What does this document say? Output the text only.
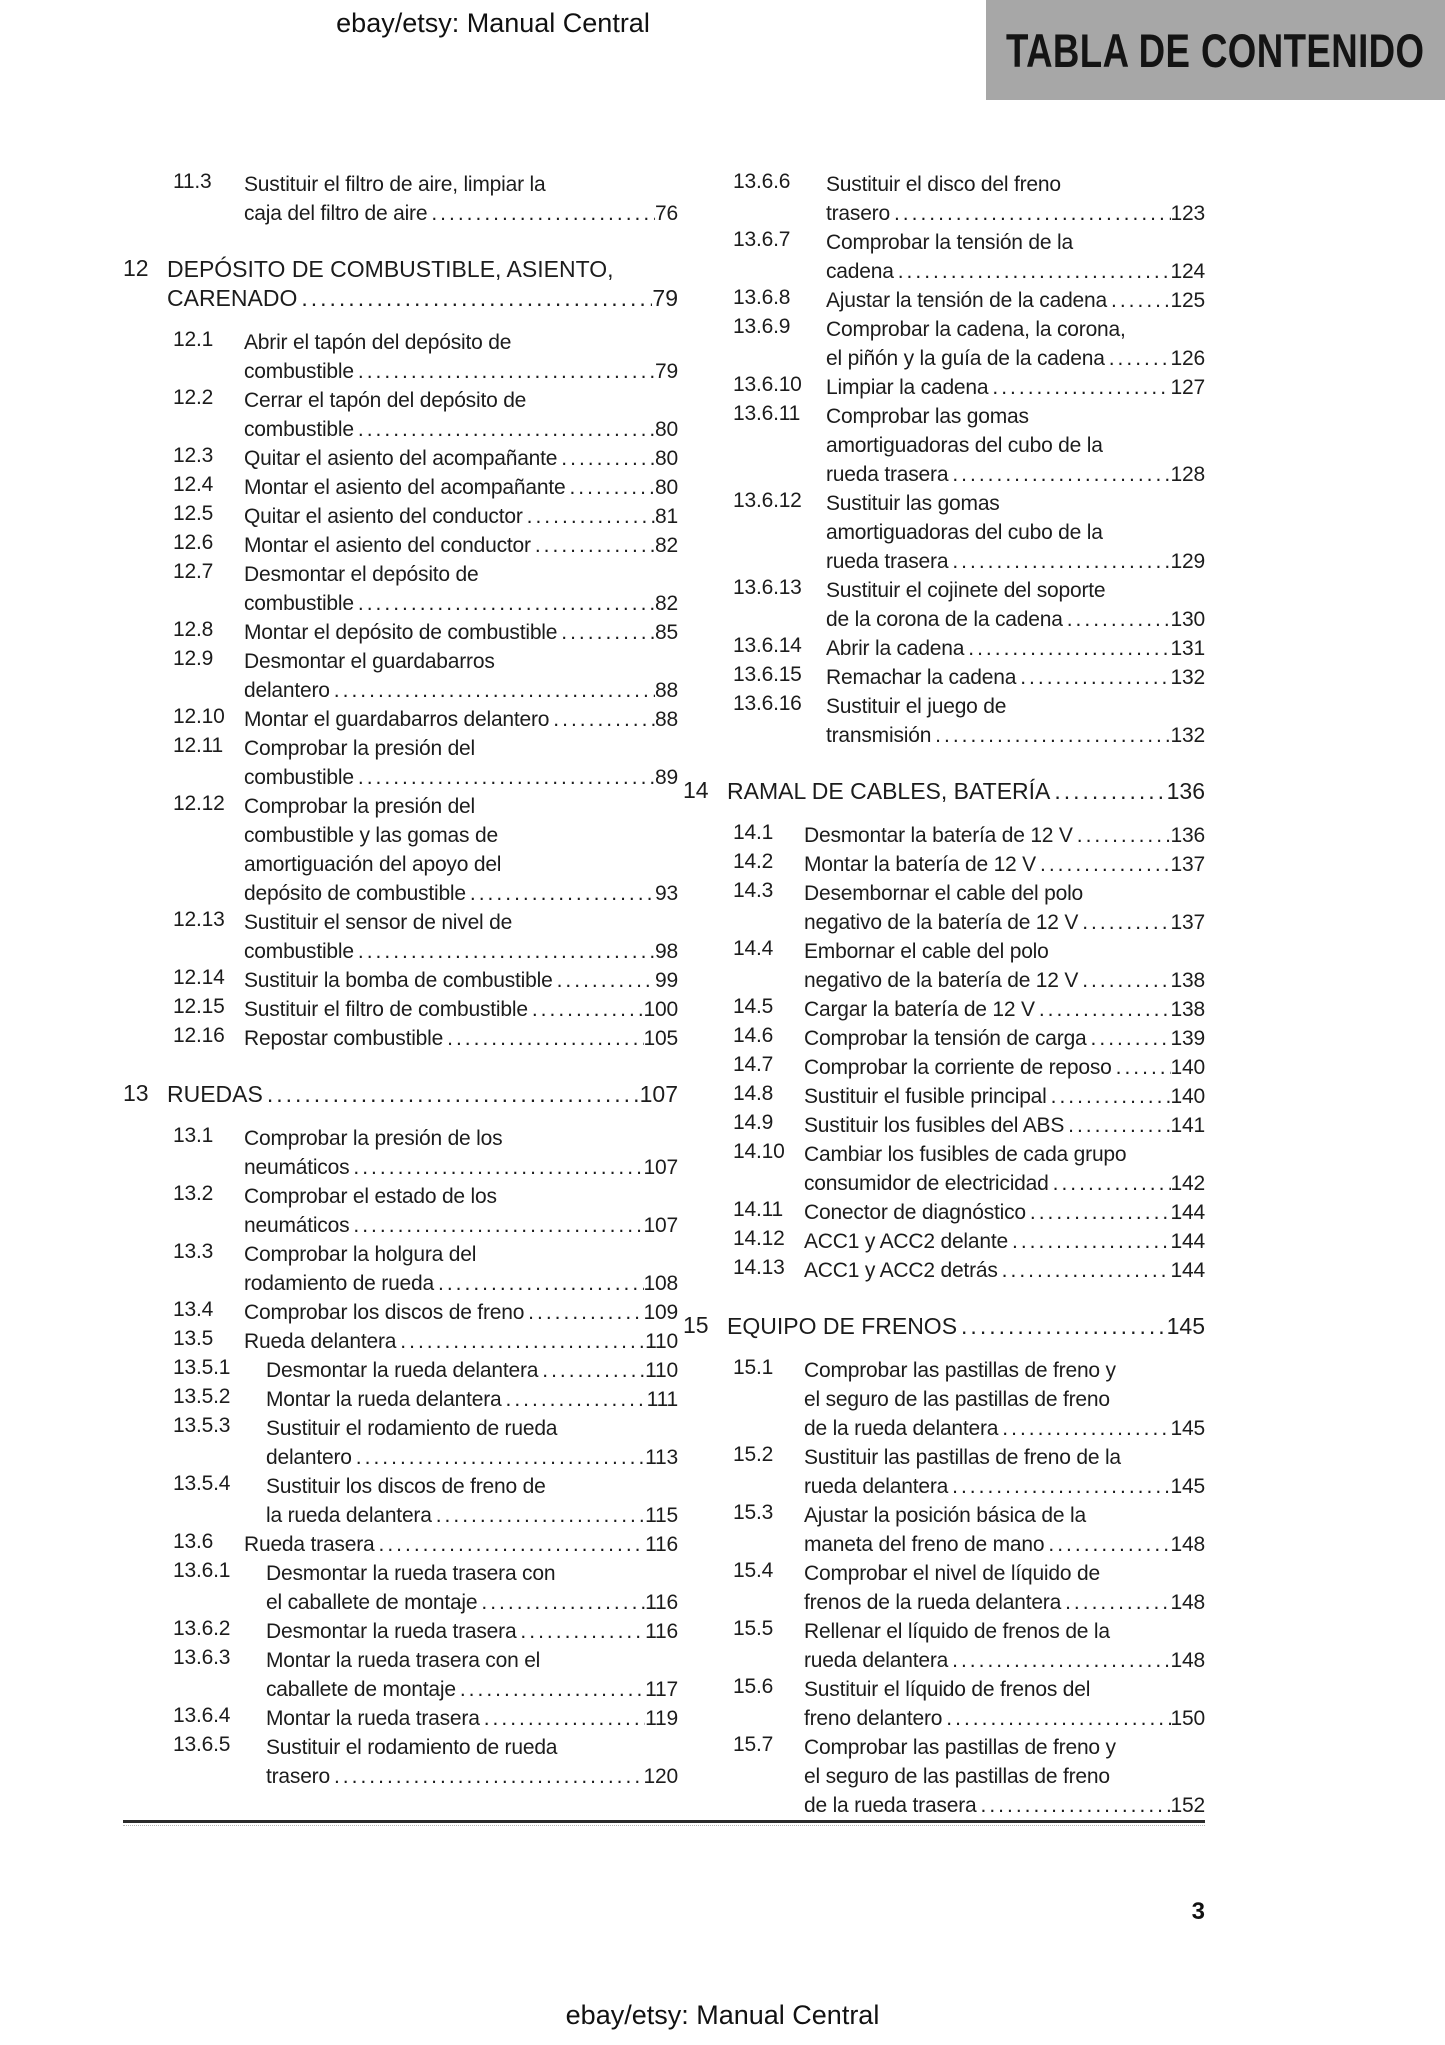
ebay/etsy: Manual Central
TABLA DE CONTENIDO
11.3	Sustituir el filtro de aire, limpiar la
caja del filtro de aire .....	76
12 DEPÓSITO DE COMBUSTIBLE, ASIENTO,
CARENADO .....	79
12.1	Abrir el tapón del depósito de
combustible .....	79
12.2	Cerrar el tapón del depósito de
combustible .....	80
12.3	Quitar el asiento del acompañante .....	80
12.4	Montar el asiento del acompañante .....	80
12.5	Quitar el asiento del conductor .....	81
12.6	Montar el asiento del conductor .....	82
12.7	Desmontar el depósito de
combustible .....	82
12.8	Montar el depósito de combustible .....	85
12.9	Desmontar el guardabarros
delantero .....	88
12.10 Montar el guardabarros delantero .....	88
12.11	Comprobar la presión del
combustible .....	89
12.12 Comprobar la presión del
combustible y las gomas de
amortiguación del apoyo del
depósito de combustible .....	93
12.13 Sustituir el sensor de nivel de
combustible .....	98
12.14 Sustituir la bomba de combustible .....	99
12.15 Sustituir el filtro de combustible .....	100
12.16 Repostar combustible .....	105
13 RUEDAS .....	107
13.1	Comprobar la presión de los
neumáticos .....	107
13.2	Comprobar el estado de los
neumáticos .....	107
13.3	Comprobar la holgura del
rodamiento de rueda .....	108
13.4	Comprobar los discos de freno .....	109
13.5	Rueda delantera .....	110
13.5.1	Desmontar la rueda delantera .....	110
13.5.2	Montar la rueda delantera .....	111
13.5.3	Sustituir el rodamiento de rueda
delantero .....	113
13.5.4	Sustituir los discos de freno de
la rueda delantera .....	115
13.6	Rueda trasera .....	116
13.6.1	Desmontar la rueda trasera con
el caballete de montaje .....	116
13.6.2	Desmontar la rueda trasera .....	116
13.6.3	Montar la rueda trasera con el
caballete de montaje .....	117
13.6.4	Montar la rueda trasera .....	119
13.6.5	Sustituir el rodamiento de rueda
trasero .....	120
13.6.6	Sustituir el disco del freno
trasero .....	123
13.6.7	Comprobar la tensión de la
cadena .....	124
13.6.8	Ajustar la tensión de la cadena .....	125
13.6.9	Comprobar la cadena, la corona,
el piñón y la guía de la cadena .....	126
13.6.10	Limpiar la cadena .....	127
13.6.11	Comprobar las gomas
amortiguadoras del cubo de la
rueda trasera .....	128
13.6.12	Sustituir las gomas
amortiguadoras del cubo de la
rueda trasera .....	129
13.6.13	Sustituir el cojinete del soporte
de la corona de la cadena .....	130
13.6.14	Abrir la cadena .....	131
13.6.15	Remachar la cadena .....	132
13.6.16	Sustituir el juego de
transmisión .....	132
14 RAMAL DE CABLES, BATERÍA .....	136
14.1	Desmontar la batería de 12 V .....	136
14.2	Montar la batería de 12 V .....	137
14.3	Desembornar el cable del polo
negativo de la batería de 12 V .....	137
14.4	Embornar el cable del polo
negativo de la batería de 12 V .....	138
14.5	Cargar la batería de 12 V .....	138
14.6	Comprobar la tensión de carga .....	139
14.7	Comprobar la corriente de reposo .....	140
14.8	Sustituir el fusible principal .....	140
14.9	Sustituir los fusibles del ABS .....	141
14.10 Cambiar los fusibles de cada grupo
consumidor de electricidad .....	142
14.11	Conector de diagnóstico .....	144
14.12 ACC1 y ACC2 delante .....	144
14.13 ACC1 y ACC2 detrás .....	144
15 EQUIPO DE FRENOS .....	145
15.1	Comprobar las pastillas de freno y
el seguro de las pastillas de freno
de la rueda delantera .....	145
15.2	Sustituir las pastillas de freno de la
rueda delantera .....	145
15.3	Ajustar la posición básica de la
maneta del freno de mano .....	148
15.4	Comprobar el nivel de líquido de
frenos de la rueda delantera .....	148
15.5	Rellenar el líquido de frenos de la
rueda delantera .....	148
15.6	Sustituir el líquido de frenos del
freno delantero .....	150
15.7	Comprobar las pastillas de freno y
el seguro de las pastillas de freno
de la rueda trasera .....	152
3
ebay/etsy: Manual Central
